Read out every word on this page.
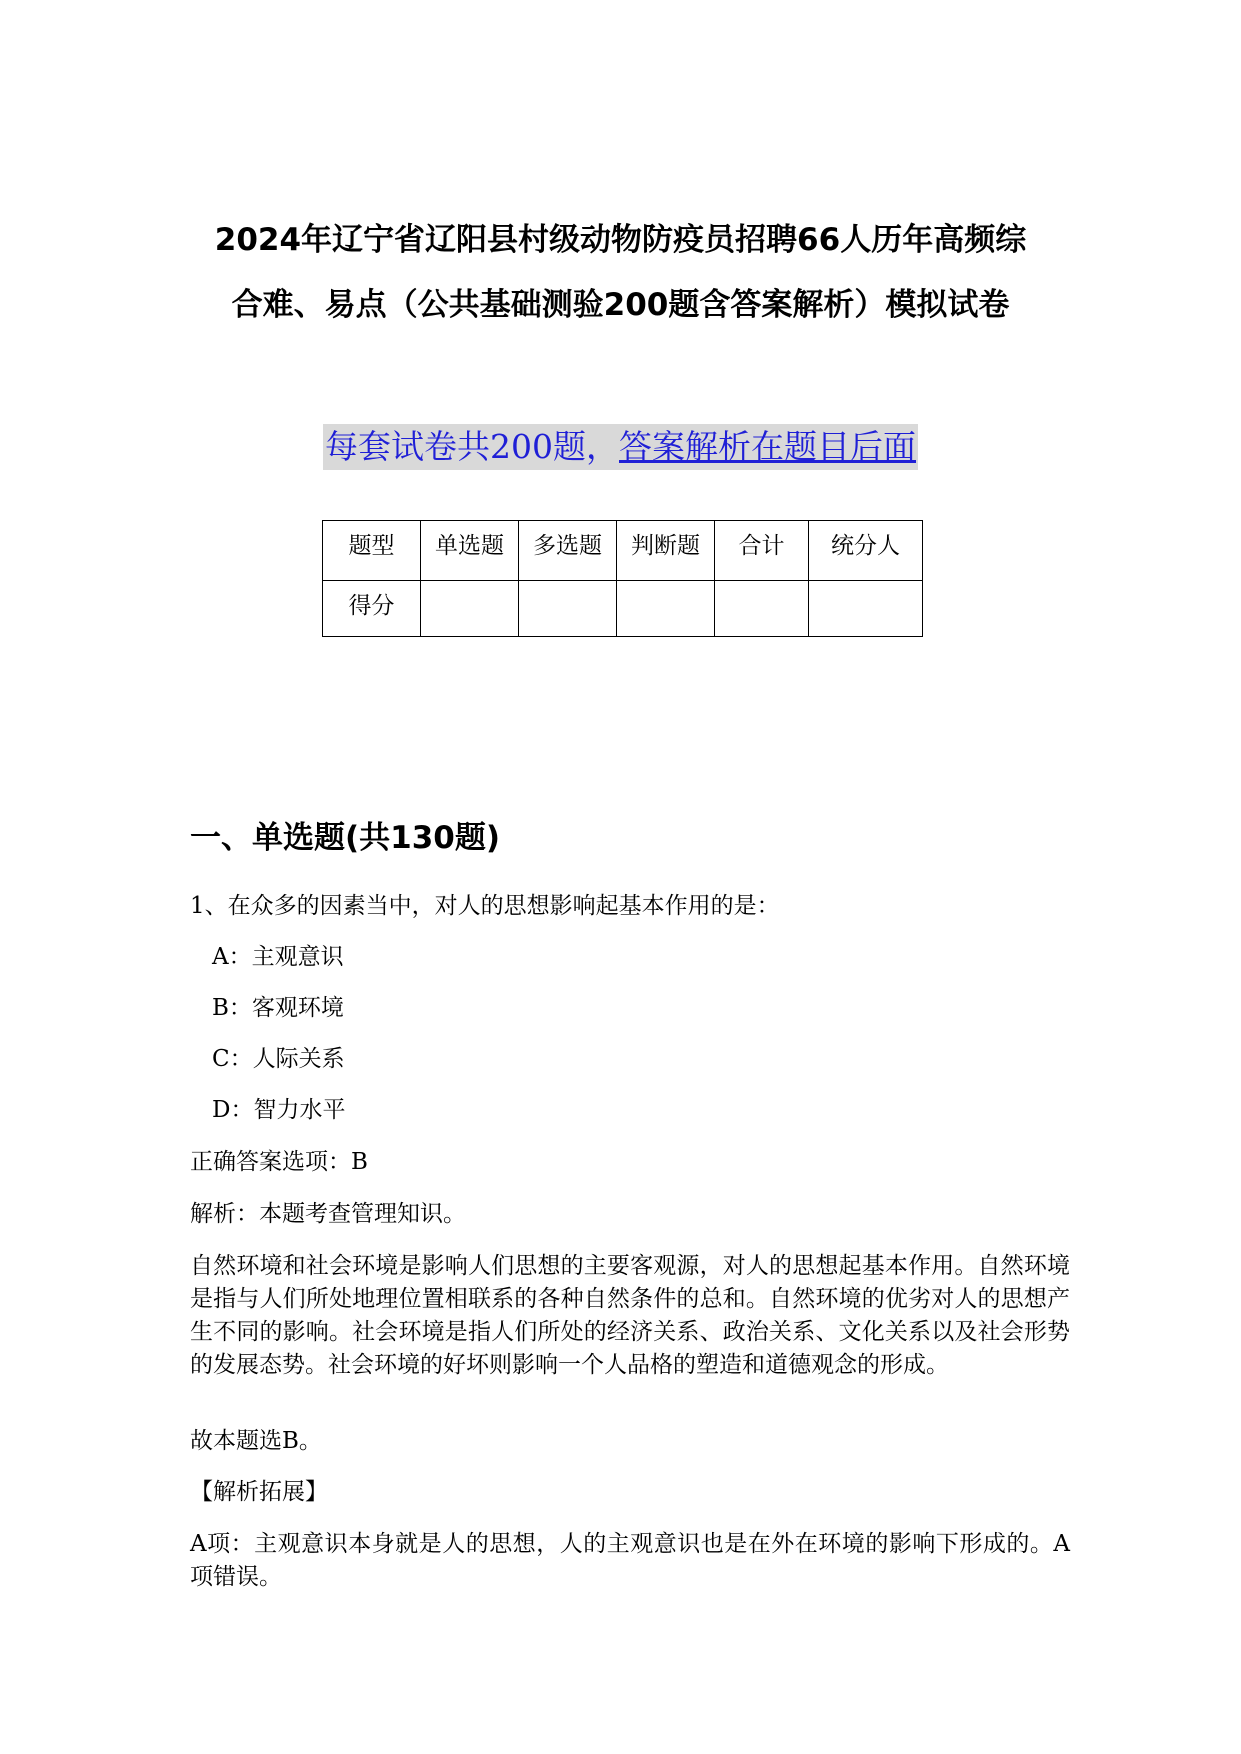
2024年辽宁省辽阳县村级动物防疫员招聘66人历年高频综
合难、易点（公共基础测验200题含答案解析）模拟试卷
每套试卷共200题，答案解析在题目后面
题型	单选题	多选题	判断题	合计	统分人
得分					
一、单选题(共130题)
1、在众多的因素当中，对人的思想影响起基本作用的是：
A：主观意识
B：客观环境
C：人际关系
D：智力水平
正确答案选项：B
解析：本题考查管理知识。
自然环境和社会环境是影响人们思想的主要客观源，对人的思想起基本作用。自然环境是指与人们所处地理位置相联系的各种自然条件的总和。自然环境的优劣对人的思想产生不同的影响。社会环境是指人们所处的经济关系、政治关系、文化关系以及社会形势的发展态势。社会环境的好坏则影响一个人品格的塑造和道德观念的形成。
故本题选B。
【解析拓展】
A项：主观意识本身就是人的思想，人的主观意识也是在外在环境的影响下形成的。A项错误。
